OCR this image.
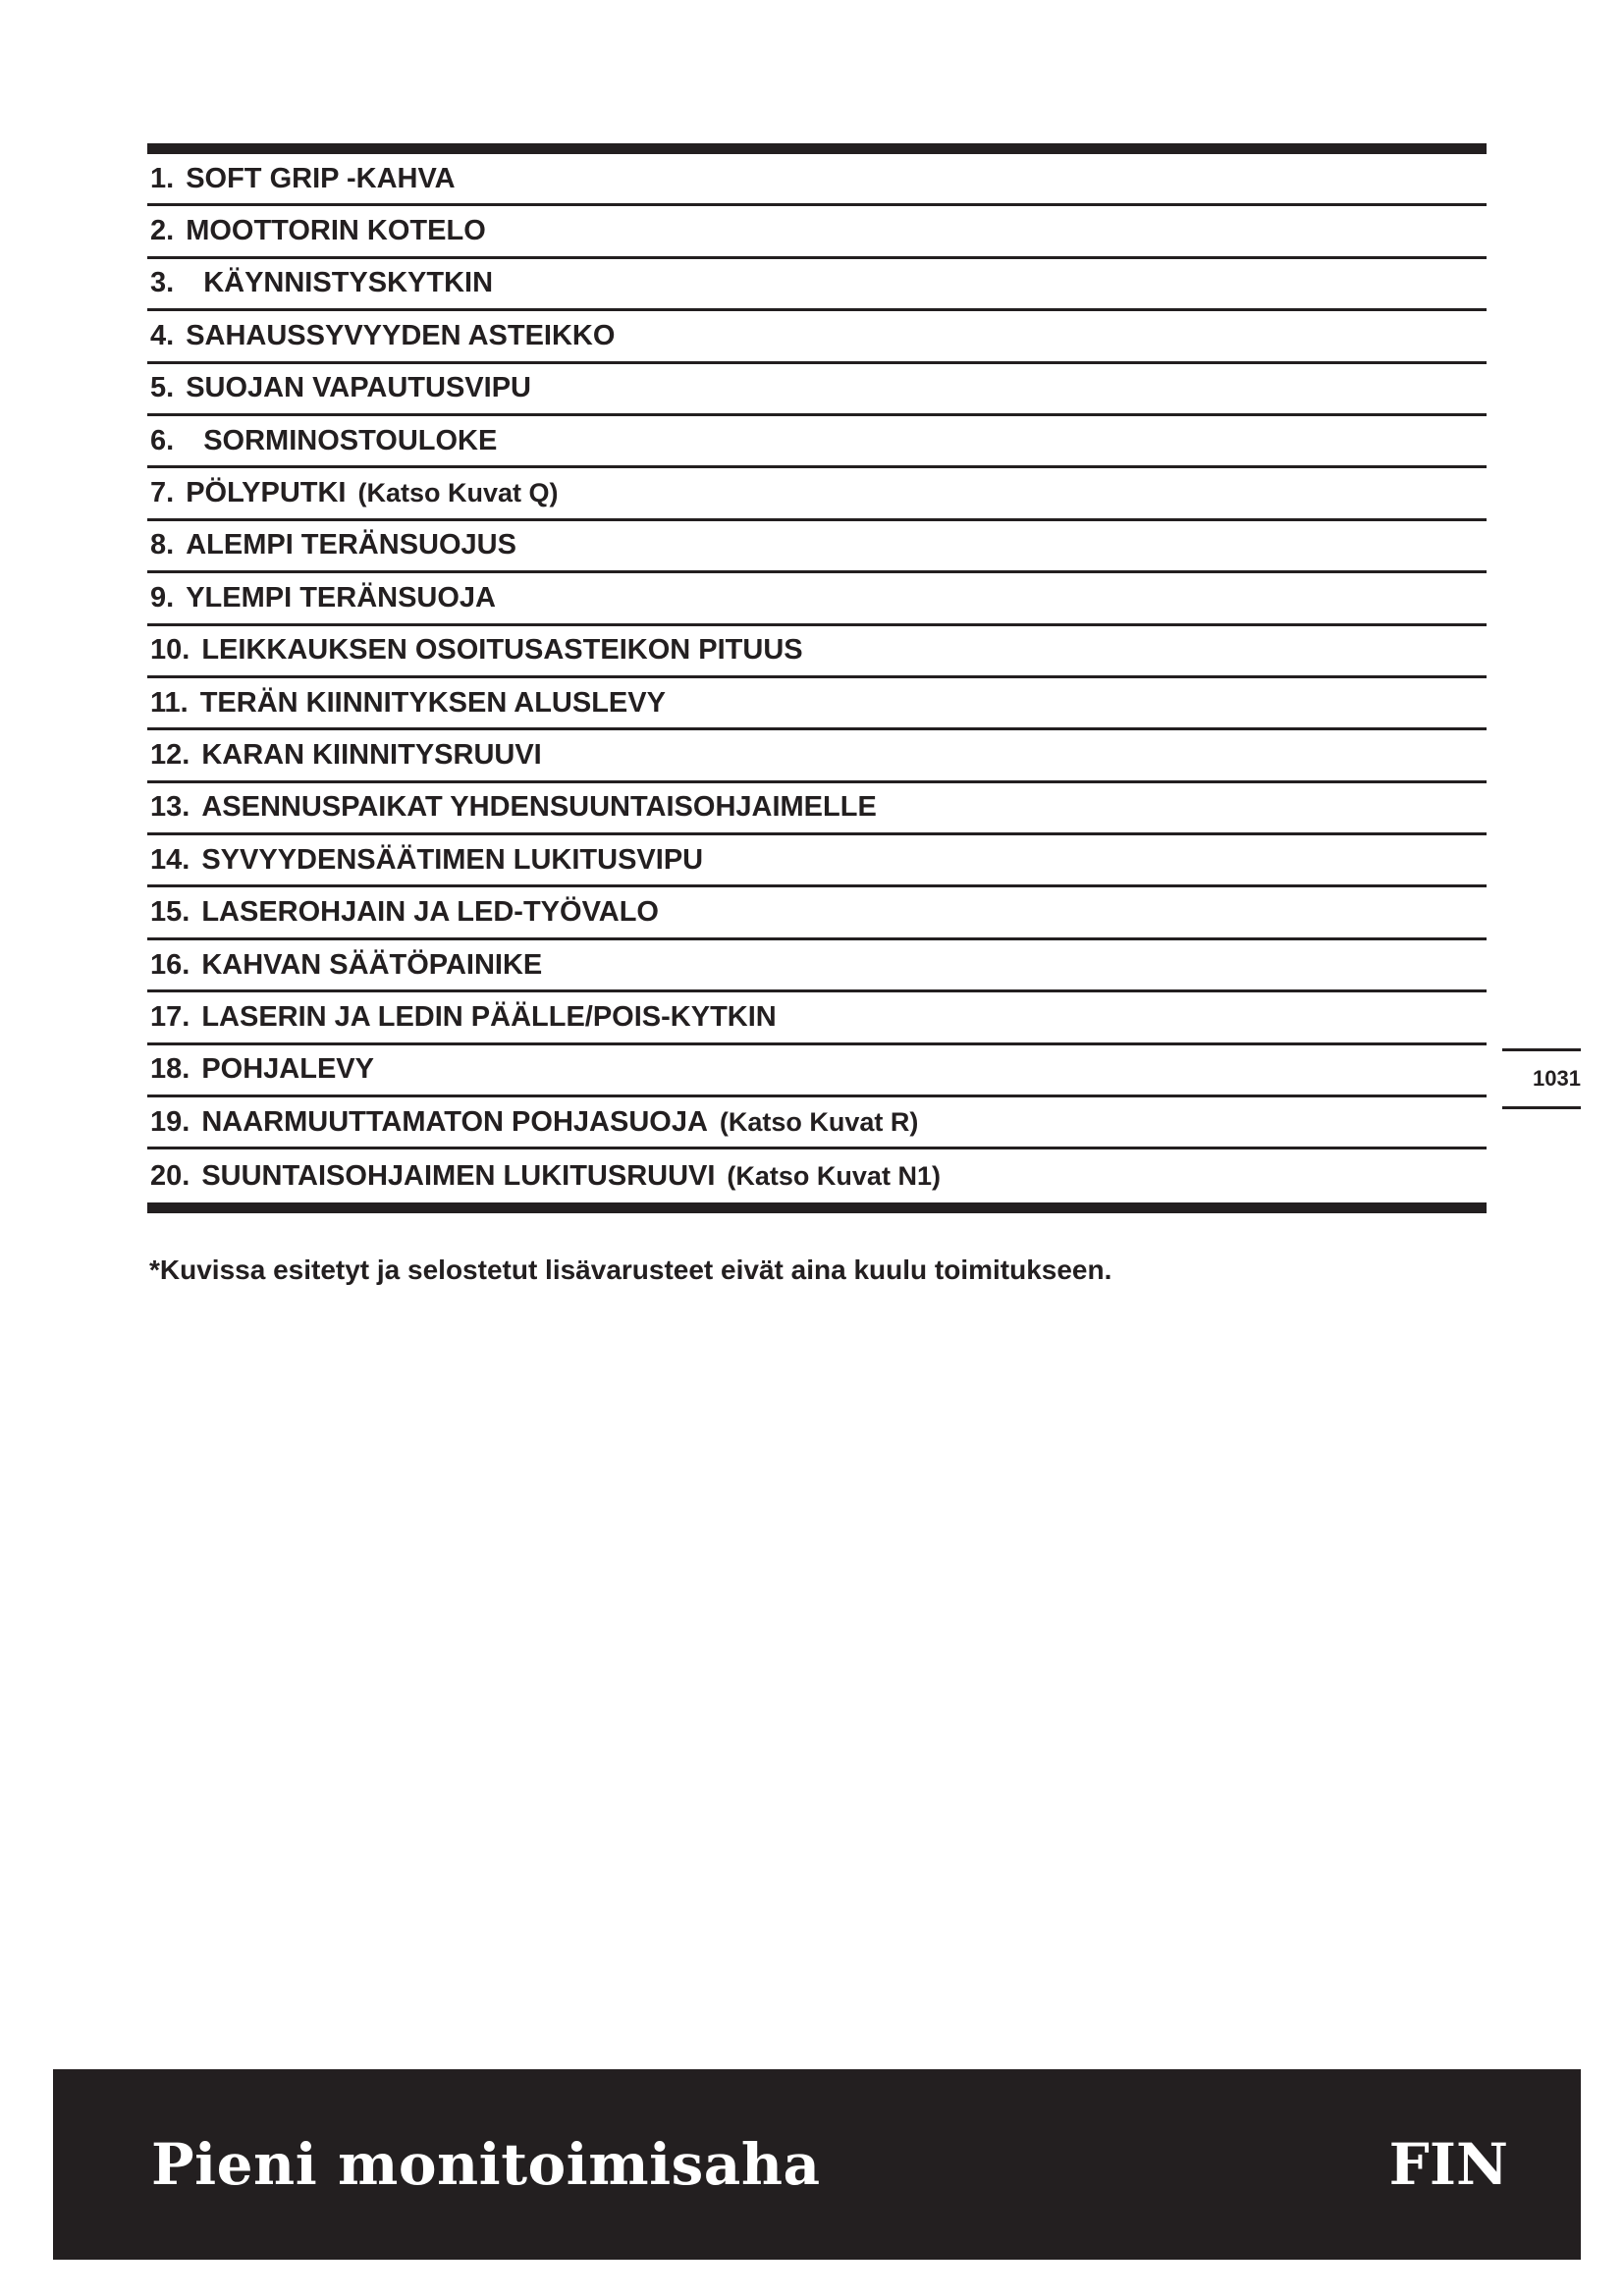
1. SOFT GRIP -KAHVA
2. MOOTTORIN KOTELO
3. KÄYNNISTYSKYTKIN
4. SAHAUSSYVYYDEN ASTEIKKO
5. SUOJAN VAPAUTUSVIPU
6. SORMINOSTOULOKE
7. PÖLYPUTKI (Katso Kuvat Q)
8. ALEMPI TERÄNSUOJUS
9. YLEMPI TERÄNSUOJA
10. LEIKKAUKSEN OSOITUSASTEIKON PITUUS
11. TERÄN KIINNITYKSEN ALUSLEVY
12. KARAN KIINNITYSRUUVI
13. ASENNUSPAIKAT YHDENSUUNTAISOHJAIMELLE
14. SYVYYDENSÄÄTIMEN LUKITUSVIPU
15. LASEROHJAIN JA LED-TYÖVALO
16. KAHVAN SÄÄTÖPAINIKE
17. LASERIN JA LEDIN PÄÄLLE/POIS-KYTKIN
18. POHJALEVY
19. NAARMUUTTAMATON POHJASUOJA (Katso Kuvat R)
20. SUUNTAISOHJAIMEN LUKITUSRUUVI (Katso Kuvat N1)
1031
*Kuvissa esitetyt ja selostetut lisävarusteet eivät aina kuulu toimitukseen.
Pieni monitoimisaha	FIN
